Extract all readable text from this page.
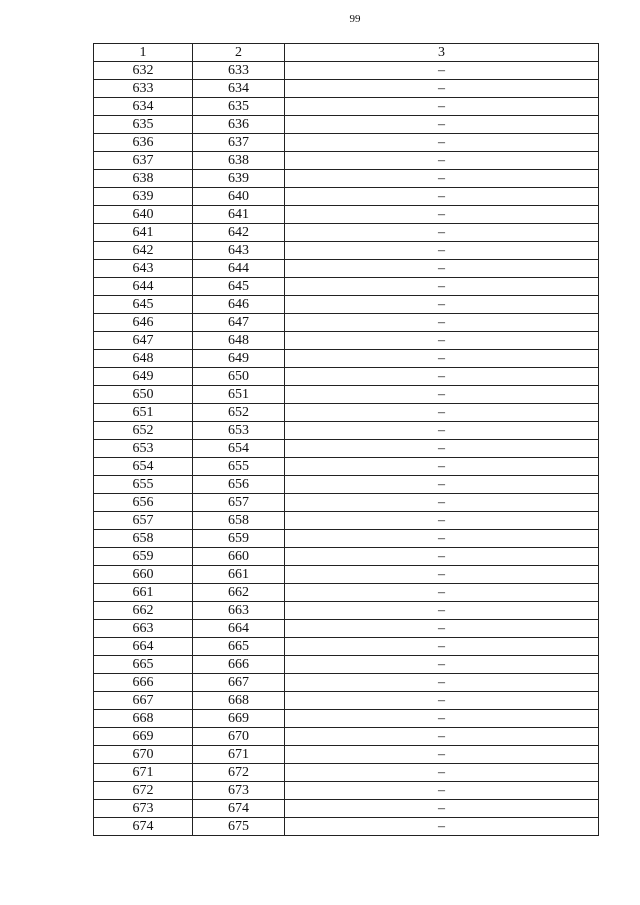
99
1	2	3
632	633	–
633	634	–
634	635	–
635	636	–
636	637	–
637	638	–
638	639	–
639	640	–
640	641	–
641	642	–
642	643	–
643	644	–
644	645	–
645	646	–
646	647	–
647	648	–
648	649	–
649	650	–
650	651	–
651	652	–
652	653	–
653	654	–
654	655	–
655	656	–
656	657	–
657	658	–
658	659	–
659	660	–
660	661	–
661	662	–
662	663	–
663	664	–
664	665	–
665	666	–
666	667	–
667	668	–
668	669	–
669	670	–
670	671	–
671	672	–
672	673	–
673	674	–
674	675	–
